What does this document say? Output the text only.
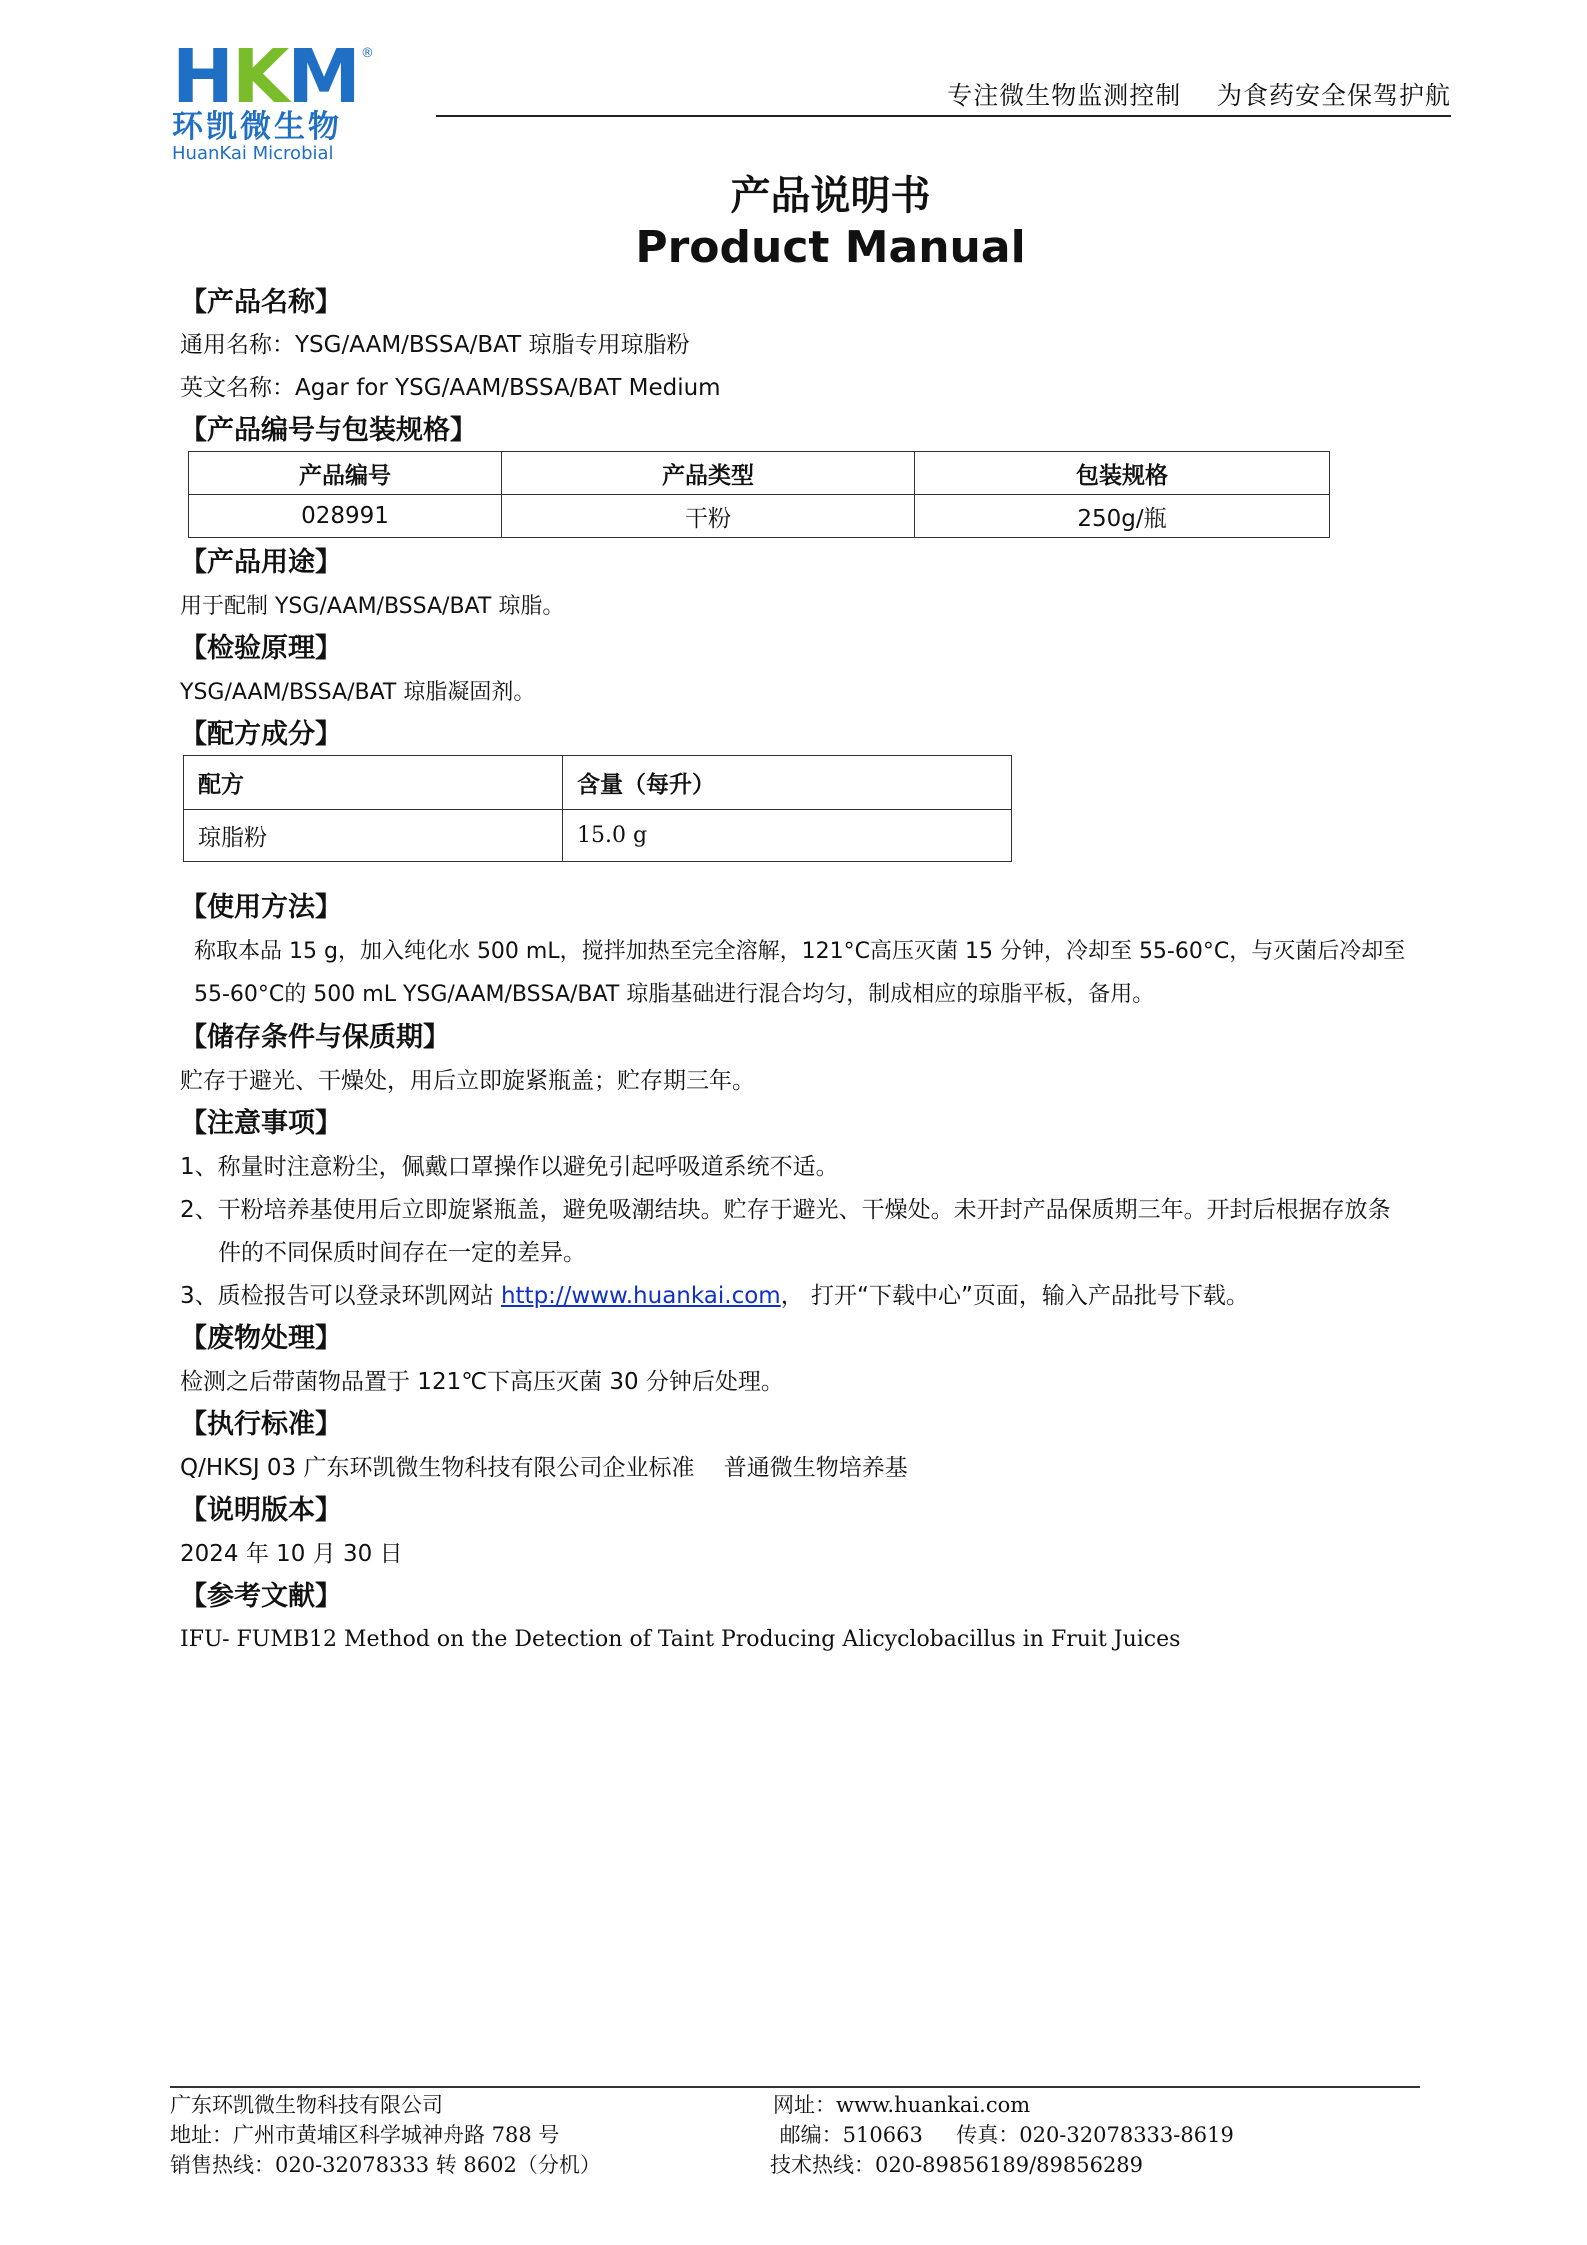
H K M ®
环凯微生物
HuanKai Microbial
专注微生物监测控制    为食药安全保驾护航
产品说明书
Product Manual
【产品名称】
通用名称：YSG/AAM/BSSA/BAT 琼脂专用琼脂粉
英文名称：Agar for YSG/AAM/BSSA/BAT Medium
【产品编号与包装规格】
产品编号	产品类型	包装规格
028991	干粉	250g/瓶
【产品用途】
用于配制 YSG/AAM/BSSA/BAT 琼脂。
【检验原理】
YSG/AAM/BSSA/BAT 琼脂凝固剂。
【配方成分】
配方	含量（每升）
琼脂粉	15.0 g
【使用方法】
称取本品 15 g，加入纯化水 500 mL，搅拌加热至完全溶解，121°C高压灭菌 15 分钟，冷却至 55-60°C，与灭菌后冷却至
55-60°C的 500 mL YSG/AAM/BSSA/BAT 琼脂基础进行混合均匀，制成相应的琼脂平板，备用。
【储存条件与保质期】
贮存于避光、干燥处，用后立即旋紧瓶盖；贮存期三年。
【注意事项】
1、称量时注意粉尘，佩戴口罩操作以避免引起呼吸道系统不适。
2、干粉培养基使用后立即旋紧瓶盖，避免吸潮结块。贮存于避光、干燥处。未开封产品保质期三年。开封后根据存放条
件的不同保质时间存在一定的差异。
3、质检报告可以登录环凯网站 http://www.huankai.com， 打开“下载中心”页面，输入产品批号下载。
【废物处理】
检测之后带菌物品置于 121℃下高压灭菌 30 分钟后处理。
【执行标准】
Q/HKSJ 03 广东环凯微生物科技有限公司企业标准    普通微生物培养基
【说明版本】
2024 年 10 月 30 日
【参考文献】
IFU- FUMB12 Method on the Detection of Taint Producing Alicyclobacillus in Fruit Juices
广东环凯微生物科技有限公司
地址：广州市黄埔区科学城神舟路 788 号
销售热线：020-32078333 转 8602（分机）
网址：www.huankai.com
邮编：510663     传真：020-32078333-8619
技术热线：020-89856189/89856289
